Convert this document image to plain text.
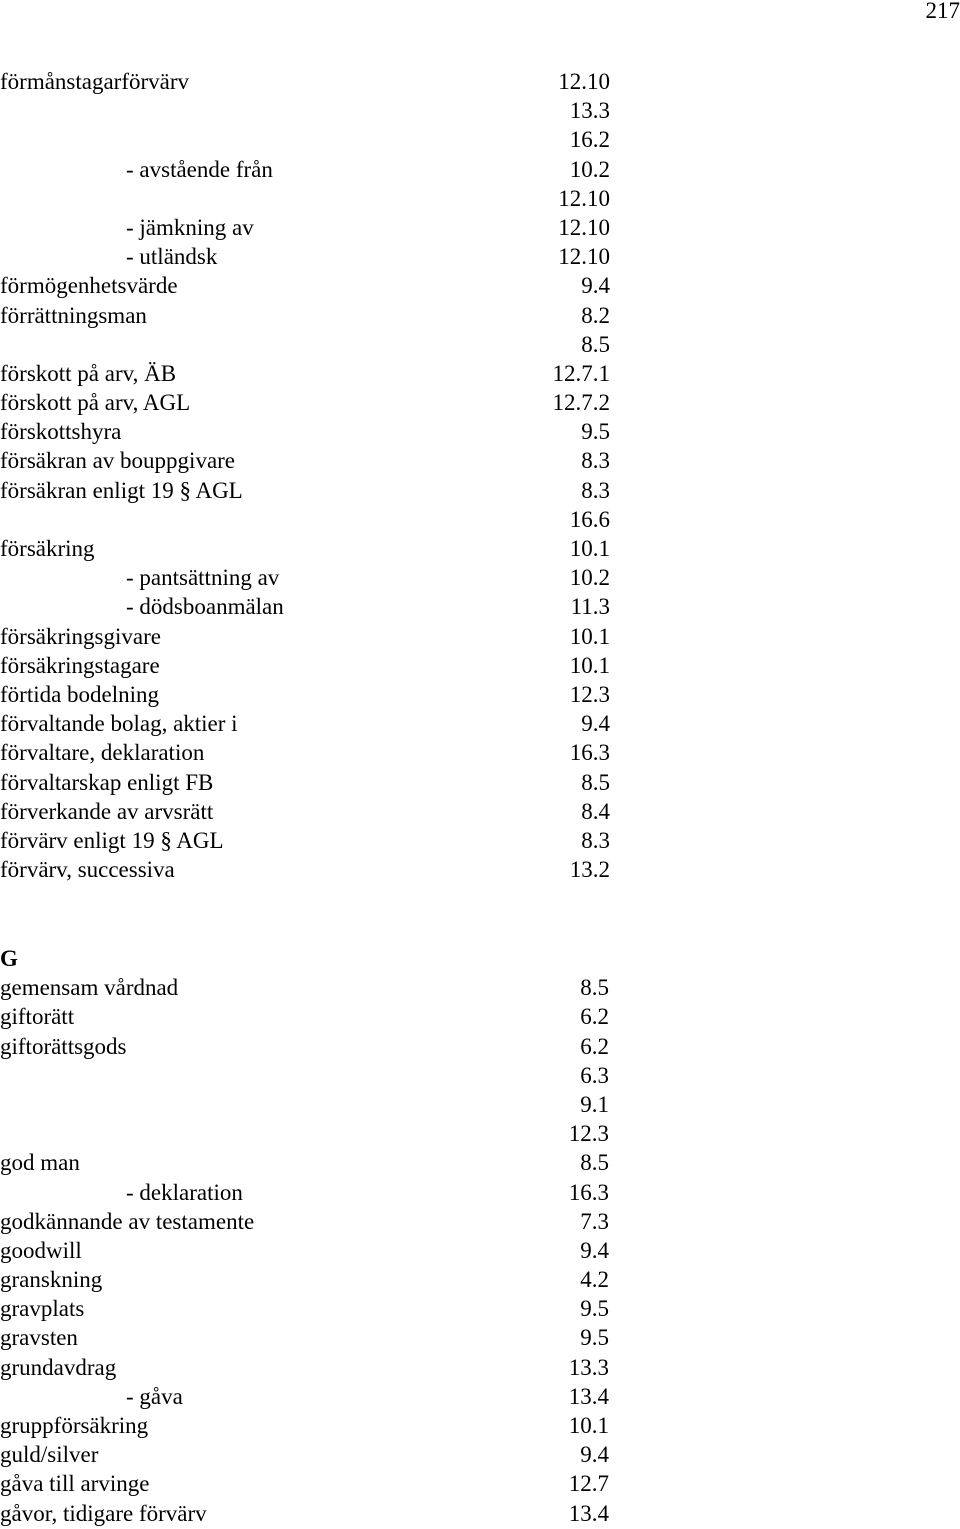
217
förmånstagarförvärv	12.10
13.3
16.2
- avstående från	10.2
12.10
- jämkning av	12.10
- utländsk	12.10
förmögenhetsvärde	9.4
förrättningsman	8.2
8.5
förskott på arv, ÄB	12.7.1
förskott på arv, AGL	12.7.2
förskottshyra	9.5
försäkran av bouppgivare	8.3
försäkran enligt 19 § AGL	8.3
16.6
försäkring	10.1
- pantsättning av	10.2
- dödsboanmälan	11.3
försäkringsgivare	10.1
försäkringstagare	10.1
förtida bodelning	12.3
förvaltande bolag, aktier i	9.4
förvaltare, deklaration	16.3
förvaltarskap enligt FB	8.5
förverkande av arvsrätt	8.4
förvärv enligt 19 § AGL	8.3
förvärv, successiva	13.2
G
gemensam vårdnad	8.5
giftorätt	6.2
giftorättsgods	6.2
6.3
9.1
12.3
god man	8.5
- deklaration	16.3
godkännande av testamente	7.3
goodwill	9.4
granskning	4.2
gravplats	9.5
gravsten	9.5
grundavdrag	13.3
- gåva	13.4
gruppförsäkring	10.1
guld/silver	9.4
gåva till arvinge	12.7
gåvor, tidigare förvärv	13.4
